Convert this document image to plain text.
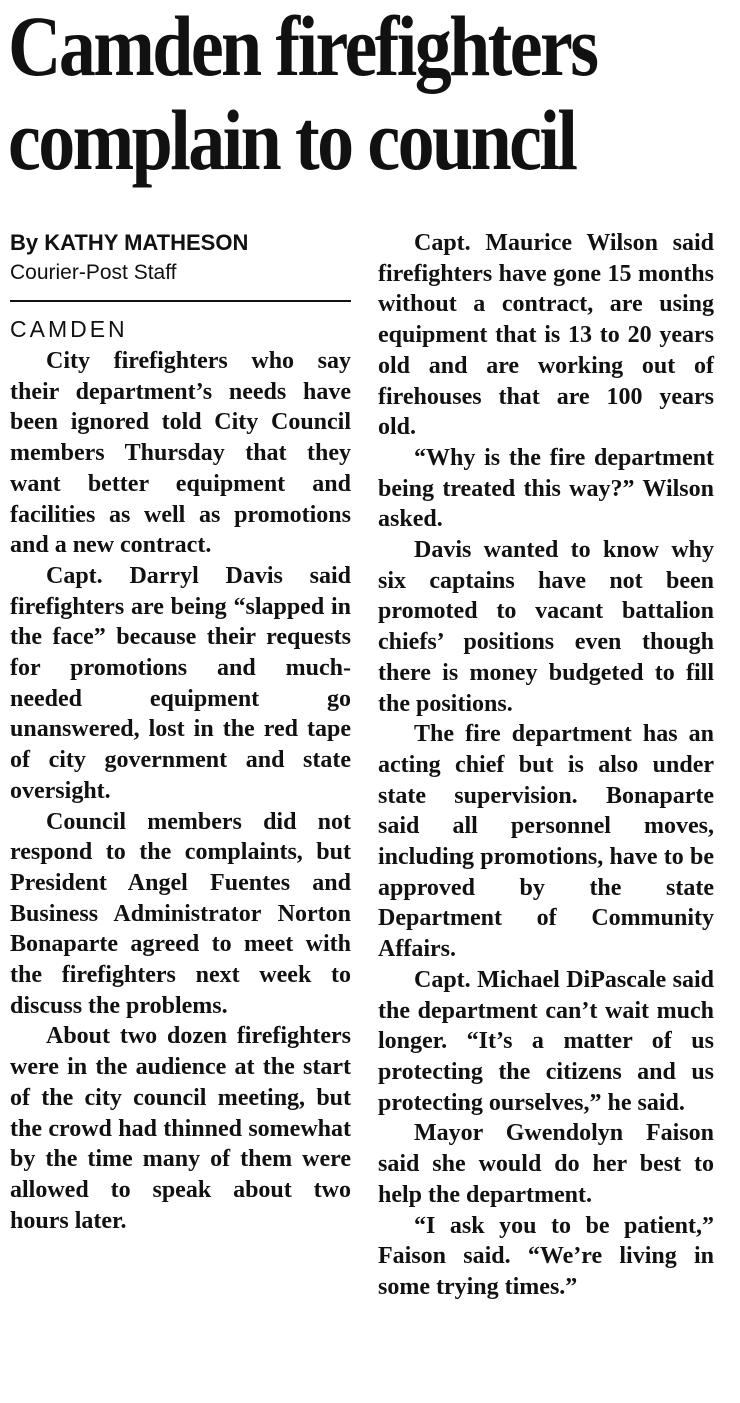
Camden firefighters
complain to council
By KATHY MATHESON
Courier-Post Staff
CAMDEN

City firefighters who say their department’s needs have been ignored told City Council members Thursday that they want better equipment and facilities as well as promotions and a new contract.

Capt. Darryl Davis said firefighters are being “slapped in the face” because their requests for promotions and much-needed equipment go unanswered, lost in the red tape of city government and state oversight.

Council members did not respond to the complaints, but President Angel Fuentes and Business Administrator Norton Bonaparte agreed to meet with the firefighters next week to discuss the problems.

About two dozen firefighters were in the audience at the start of the city council meeting, but the crowd had thinned somewhat by the time many of them were allowed to speak about two hours later.

Capt. Maurice Wilson said firefighters have gone 15 months without a contract, are using equipment that is 13 to 20 years old and are working out of firehouses that are 100 years old.

“Why is the fire department being treated this way?” Wilson asked.

Davis wanted to know why six captains have not been promoted to vacant battalion chiefs’ positions even though there is money budgeted to fill the positions.

The fire department has an acting chief but is also under state supervision. Bonaparte said all personnel moves, including promotions, have to be approved by the state Department of Community Affairs.

Capt. Michael DiPascale said the department can’t wait much longer. “It’s a matter of us protecting the citizens and us protecting ourselves,” he said.

Mayor Gwendolyn Faison said she would do her best to help the department.

“I ask you to be patient,” Faison said. “We’re living in some trying times.”
